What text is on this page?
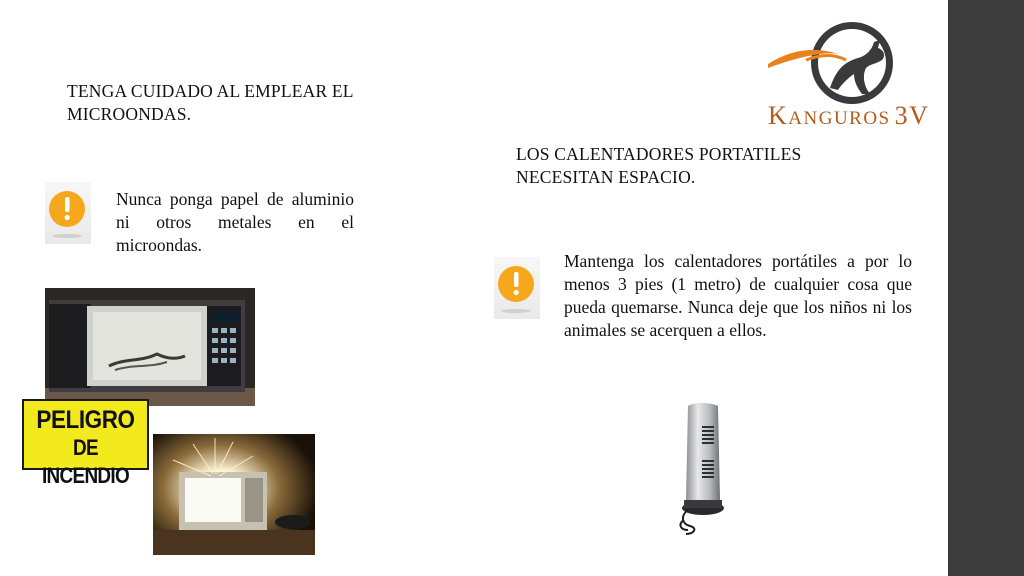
KANGUROS 3V
TENGA CUIDADO AL EMPLEAR EL MICROONDAS.
Nunca ponga papel de aluminio ni otros metales en el microondas.
PELIGRO
DE INCENDIO
LOS CALENTADORES PORTATILES NECESITAN ESPACIO.
Mantenga los calentadores portátiles a por lo menos 3 pies (1 metro) de cualquier cosa que pueda quemarse. Nunca deje que los niños ni los animales se acerquen a ellos.
